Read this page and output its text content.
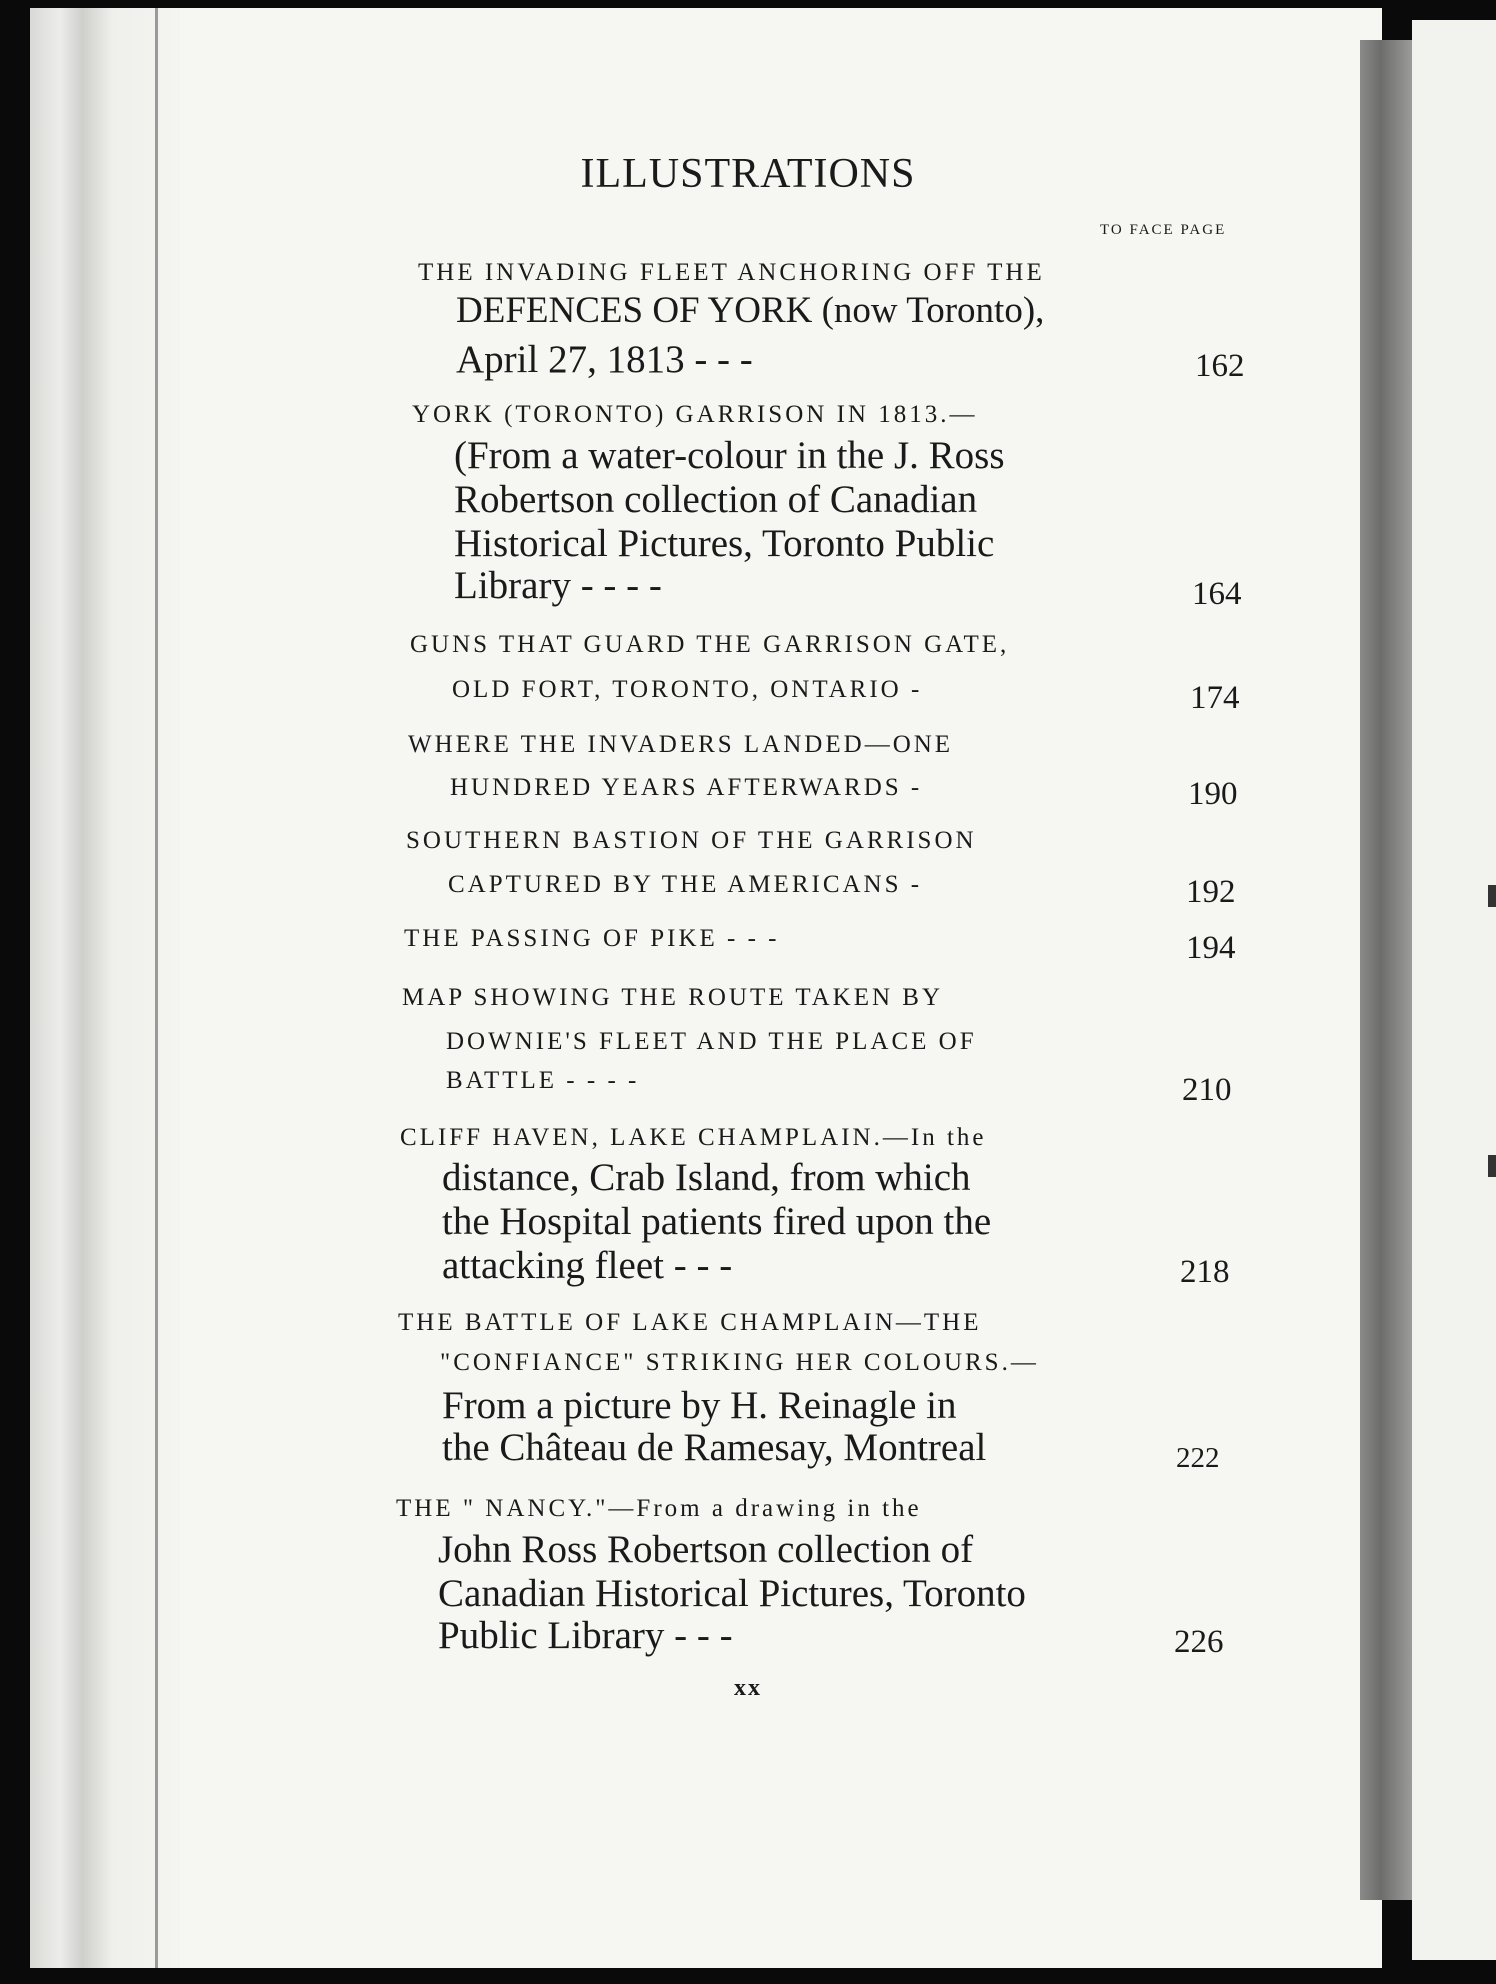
ILLUSTRATIONS
TO FACE PAGE
THE INVADING FLEET ANCHORING OFF THE
DEFENCES OF YORK (now Toronto),
April 27, 1813 - - -	162
YORK (TORONTO) GARRISON IN 1813.—
(From a water-colour in the J. Ross
Robertson collection of Canadian
Historical Pictures, Toronto Public
Library - - - -	164
GUNS THAT GUARD THE GARRISON GATE,
OLD FORT, TORONTO, ONTARIO -	174
WHERE THE INVADERS LANDED—ONE
HUNDRED YEARS AFTERWARDS -	190
SOUTHERN BASTION OF THE GARRISON
CAPTURED BY THE AMERICANS -	192
THE PASSING OF PIKE - - -	194
MAP SHOWING THE ROUTE TAKEN BY
DOWNIE'S FLEET AND THE PLACE OF
BATTLE - - - -	210
CLIFF HAVEN, LAKE CHAMPLAIN.—In the
distance, Crab Island, from which
the Hospital patients fired upon the
attacking fleet - - -	218
THE BATTLE OF LAKE CHAMPLAIN—THE
"CONFIANCE" STRIKING HER COLOURS.—
From a picture by H. Reinagle in
the Château de Ramesay, Montreal	222
THE " NANCY."—From a drawing in the
John Ross Robertson collection of
Canadian Historical Pictures, Toronto
Public Library - - -	226
xx
